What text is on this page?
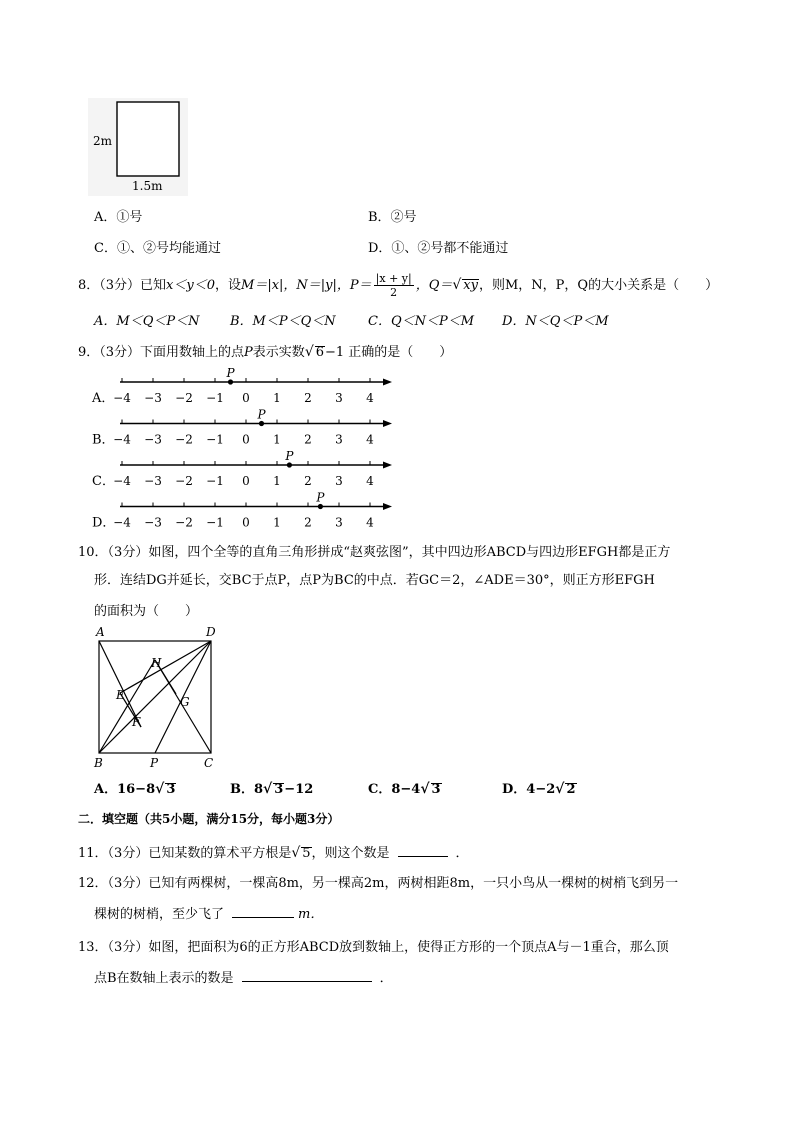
2m
1.5m
A．①号	B．②号
C．①、②号均能通过	D．①、②号都不能通过
8．（3分）已知x＜y＜0，设M＝|x|，N＝|y|，$P= \frac{|x + y|}{2}$ ，Q＝√ xy，则M，N，P，Q的大小关系是（　　）
A．M＜Q＜P＜N B．M＜P＜Q＜N C．Q＜N＜P＜M D．N＜Q＜P＜M
9．（3分）下面用数轴上的点P表示实数√ 6−1 正确的是（　　）
A．
−4 −3 −2 −1 0 1 2 3 4
P
B．
−4 −3 −2 −1 0 1 2 3 4
P
C．
−4 −3 −2 −1 0 1 2 3 4
P
D．
−4 −3 −2 −1 0 1 2 3 4
P
10．（3分）如图，四个全等的直角三角形拼成“赵爽弦图”，其中四边形ABCD与四边形EFGH都是正方
形．连结DG并延长，交BC于点P，点P为BC的中点．若GC＝2，∠ADE＝30°，则正方形EFGH
的面积为（　　）
A	D
H
E	G
F
B	P	C
A．16−8√ 3	B．8√ 3−12	C．8−4√ 3	D．4−2√ 2
二．填空题（共5小题，满分15分，每小题3分）
11．（3分）已知某数的算术平方根是√ 5，则这个数是	．
12．（3分）已知有两棵树，一棵高8m，另一棵高2m，两树相距8m，一只小鸟从一棵树的树梢飞到另一
棵树的树梢，至少飞了	m．
13．（3分）如图，把面积为6的正方形ABCD放到数轴上，使得正方形的一个顶点A与－1重合，那么顶
点B在数轴上表示的数是	．
